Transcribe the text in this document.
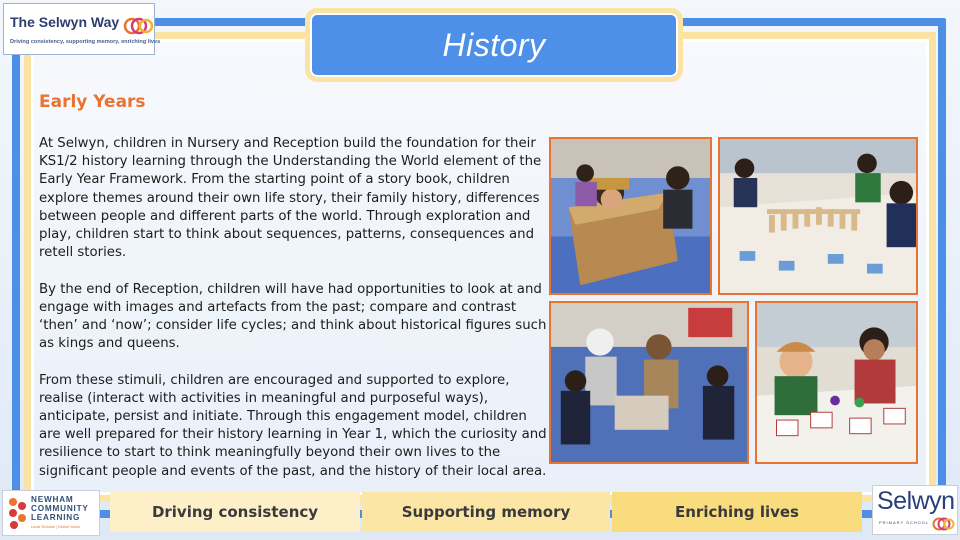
The Selwyn Way
Driving consistency, supporting memory, enriching lives	History
Early Years

At Selwyn, children in Nursery and Reception build the foundation for their KS1/2 history learning through the Understanding the World element of the Early Year Framework. From the starting point of a story book, children explore themes around their own life story, their family history, differences between people and different parts of the world. Through exploration and play, children start to think about sequences, patterns, consequences and retell stories.

By the end of Reception, children will have had opportunities to look at and engage with images and artefacts from the past; compare and contrast ‘then’ and ‘now’; consider life cycles; and think about historical figures such as kings and queens.

From these stimuli, children are encouraged and supported to explore, realise (interact with activities in meaningful and purposeful ways), anticipate, persist and initiate. Through this engagement model, children are well prepared for their history learning in Year 1, which the curiosity and resilience to start to think meaningfully beyond their own lives to the significant people and events of the past, and the history of their local area.

NEWHAM
COMMUNITY
LEARNING
Local Schools | Global Vision
Driving consistency	Supporting memory	Enriching lives	Selwyn
PRIMARY SCHOOL
